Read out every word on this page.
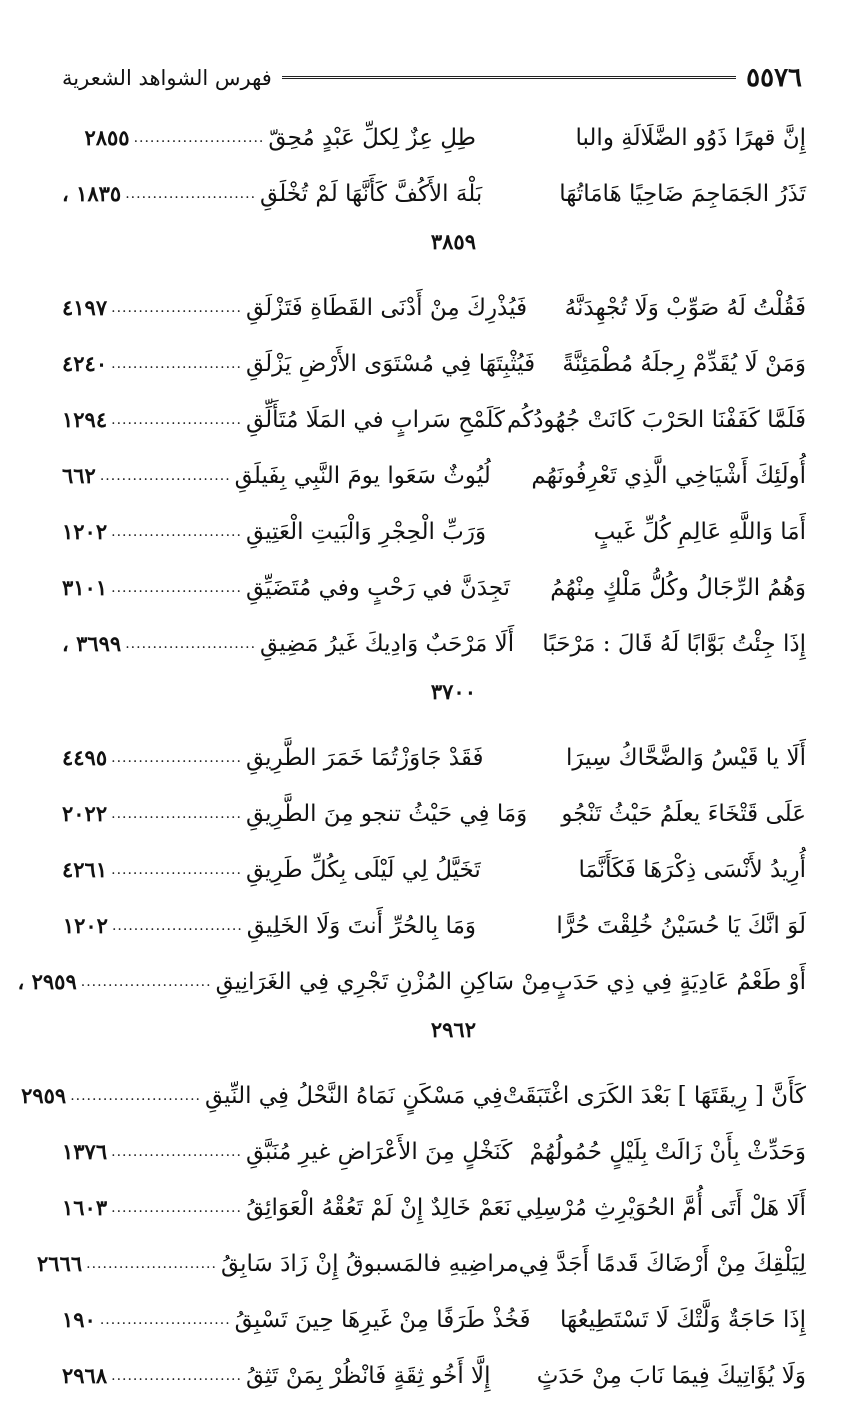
٥٥٧٦
فهرس الشواهد الشعرية
إِنَّ قهرًا ذَوُو الضَّلَالَةِ والبا
طِلِ عِزٌ لِكلِّ عَبْدٍ مُحِقّ
........................
٢٨٥٥
تَذَرُ الجَمَاجِمَ ضَاحِيًا هَامَاتُهَا
بَلْهَ الأَكُفَّ كَأَنَّهَا لَمْ تُخْلَقِ
........................
١٨٣٥ ،
٣٨٥٩
فَقُلْتُ لَهُ صَوِّبْ وَلَا تُجْهِدَنَّهُ
فَيُذْرِكَ مِنْ أَدْنَى القَطَاةِ فَتَزْلَقِ
........................
٤١٩٧
وَمَنْ لَا يُقَدِّمْ رِجلَهُ مُطْمَئِنَّةً
فَيُثْبِتَهَا فِي مُسْتَوَى الأَرْضِ يَزْلَقِ
........................
٤٢٤٠
فَلَمَّا كَفَفْنَا الحَرْبَ كَانَتْ جُهُودُكُم
كَلَمْحِ سَرابٍ في المَلَا مُتَأَلِّقِ
........................
١٢٩٤
أُولَئِكَ أَشْيَاخِي الَّذِي تَعْرِفُونَهُم
لُيُوثٌ سَعَوا يومَ النَّبِي بِفَيلَقِ
........................
٦٦٢
أَمَا وَاللَّهِ عَالِمِ كُلِّ غَيبٍ
وَرَبِّ الْحِجْرِ وَالْبَيتِ الْعَتِيقِ
........................
١٢٠٢
وَهُمُ الرِّجَالُ وكُلُّ مَلْكٍ مِنْهُمُ
تَجِدَنَّ في رَحْبٍ وفي مُتَضَيِّقِ
........................
٣١٠١
إِذَا جِئْتُ بَوَّابًا لَهُ قَالَ : مَرْحَبًا
أَلَا مَرْحَبٌ وَادِيكَ غَيرُ مَضِيقِ
........................
٣٦٩٩ ،
٣٧٠٠
أَلَا يا قَيْسُ وَالضَّحَّاكُ سِيرَا
فَقَدْ جَاوَزْتُمَا خَمَرَ الطَّرِيقِ
........................
٤٤٩٥
عَلَى قَتْخَاءَ يعلَمُ حَيْثُ تَنْجُو
وَمَا فِي حَيْثُ تنجو مِنَ الطَّرِيقِ
........................
٢٠٢٢
أُرِيدُ لأَنْسَى ذِكْرَهَا فَكَأَنَّمَا
تَخَيَّلُ لِي لَيْلَى بِكُلِّ طَرِيقِ
........................
٤٢٦١
لَوَ انَّكَ يَا حُسَيْنُ خُلِقْتَ حُرًّا
وَمَا بِالحُرِّ أَنتَ وَلَا الخَلِيقِ
........................
١٢٠٢
أَوْ طَعْمُ عَادِيَةٍ فِي ذِي حَدَبٍ
مِنْ سَاكِنِ المُزْنِ تَجْرِي فِي الغَرَانِيقِ
........................
٢٩٥٩ ،
٢٩٦٢
كَأَنَّ [ رِيقَتَهَا ] بَعْدَ الكَرَى اغْتَبَقَتْ
فِي مَسْكَنٍ نَمَاهُ النَّحْلُ فِي النِّيقِ
........................
٢٩٥٩
وَحَدِّثْ بِأَنْ زَالَتْ بِلَيْلٍ حُمُولُهُمْ
كَنَخْلٍ مِنَ الأَعْرَاضِ غيرِ مُنَبَّقِ
........................
١٣٧٦
أَلَا هَلْ أَتَى أُمَّ الحُوَيْرِثِ مُرْسِلِي
نَعَمْ خَالِدٌ إِنْ لَمْ تَعُقْهُ الْعَوَائِقُ
........................
١٦٠٣
لِيَلْقِكَ مِنْ أَرْضَاكَ قَدمًا أَجَدَّ فِي
مراضِيهِ فالمَسبوقُ إِنْ زَادَ سَابِقُ
........................
٢٦٦٦
إِذَا حَاجَةٌ وَلَّتْكَ لَا تَسْتَطِيعُهَا
فَخُذْ طَرَفًا مِنْ غَيرِهَا حِينَ تَسْبِقُ
........................
١٩٠
وَلَا يُؤَاتِيكَ فِيمَا نَابَ مِنْ حَدَثٍ
إِلَّا أَخُو ثِقَةٍ فَانْظُرْ بِمَنْ تَثِقُ
........................
٢٩٦٨
